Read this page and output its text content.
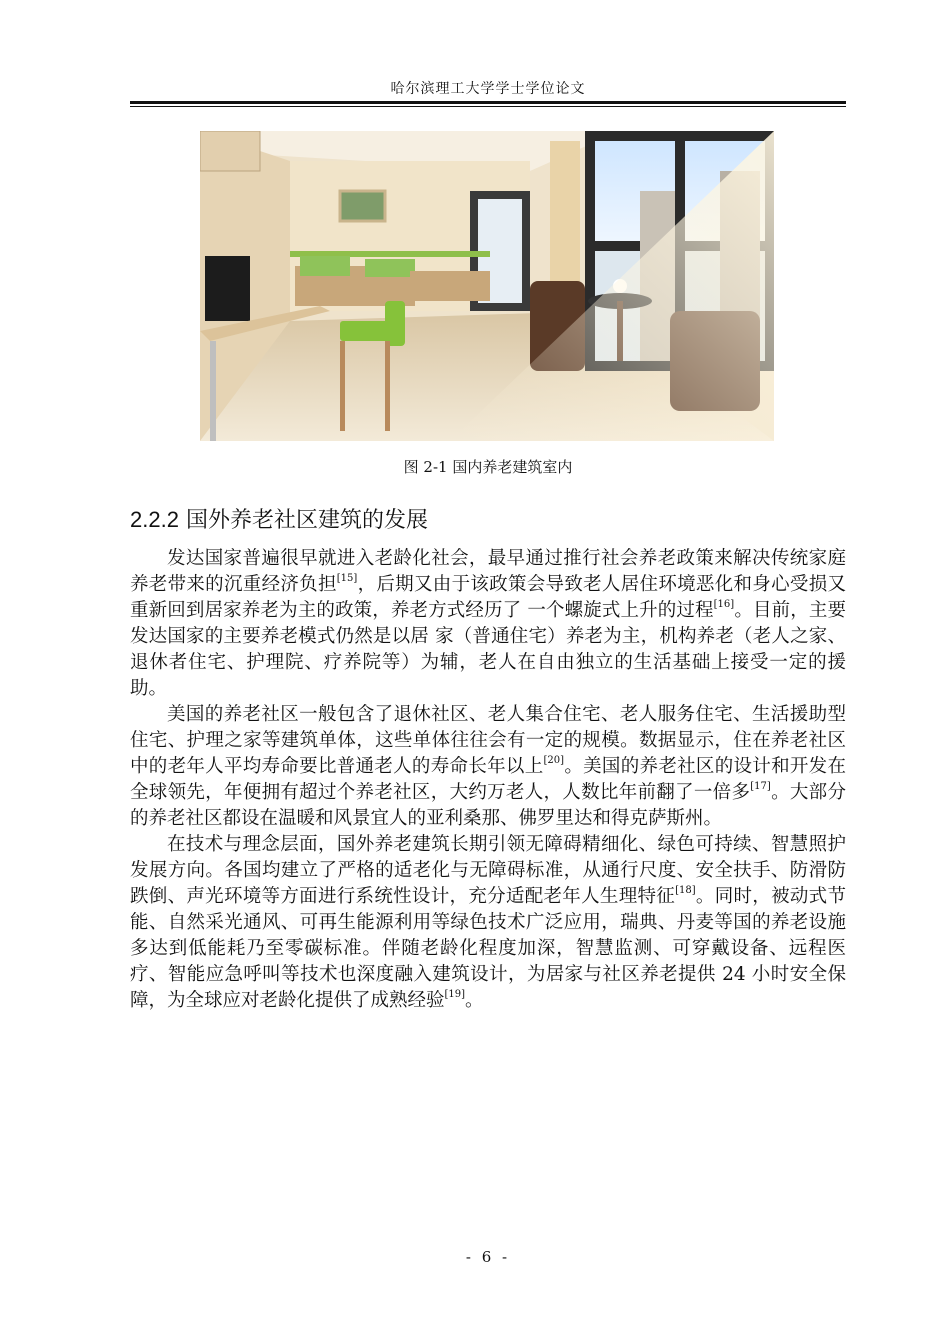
哈尔滨理工大学学士学位论文
图 2-1 国内养老建筑室内
2.2.2 国外养老社区建筑的发展

发达国家普遍很早就进入老龄化社会，最早通过推行社会养老政策来解决传统家庭养老带来的沉重经济负担[15]，后期又由于该政策会导致老人居住环境恶化和身心受损又重新回到居家养老为主的政策，养老方式经历了 一个螺旋式上升的过程[16]。目前，主要发达国家的主要养老模式仍然是以居 家（普通住宅）养老为主，机构养老（老人之家、退休者住宅、护理院、疗养院等）为辅，老人在自由独立的生活基础上接受一定的援助。

美国的养老社区一般包含了退休社区、老人集合住宅、老人服务住宅、生活援助型住宅、护理之家等建筑单体，这些单体往往会有一定的规模。数据显示，住在养老社区中的老年人平均寿命要比普通老人的寿命长年以上[20]。美国的养老社区的设计和开发在全球领先，年便拥有超过个养老社区，大约万老人，人数比年前翻了一倍多[17]。大部分的养老社区都设在温暖和风景宜人的亚利桑那、佛罗里达和得克萨斯州。

在技术与理念层面，国外养老建筑长期引领无障碍精细化、绿色可持续、智慧照护发展方向。各国均建立了严格的适老化与无障碍标准，从通行尺度、安全扶手、防滑防跌倒、声光环境等方面进行系统性设计，充分适配老年人生理特征[18]。同时，被动式节能、自然采光通风、可再生能源利用等绿色技术广泛应用，瑞典、丹麦等国的养老设施多达到低能耗乃至零碳标准。伴随老龄化程度加深，智慧监测、可穿戴设备、远程医疗、智能应急呼叫等技术也深度融入建筑设计，为居家与社区养老提供 24 小时安全保障，为全球应对老龄化提供了成熟经验[19]。

- 6 -
